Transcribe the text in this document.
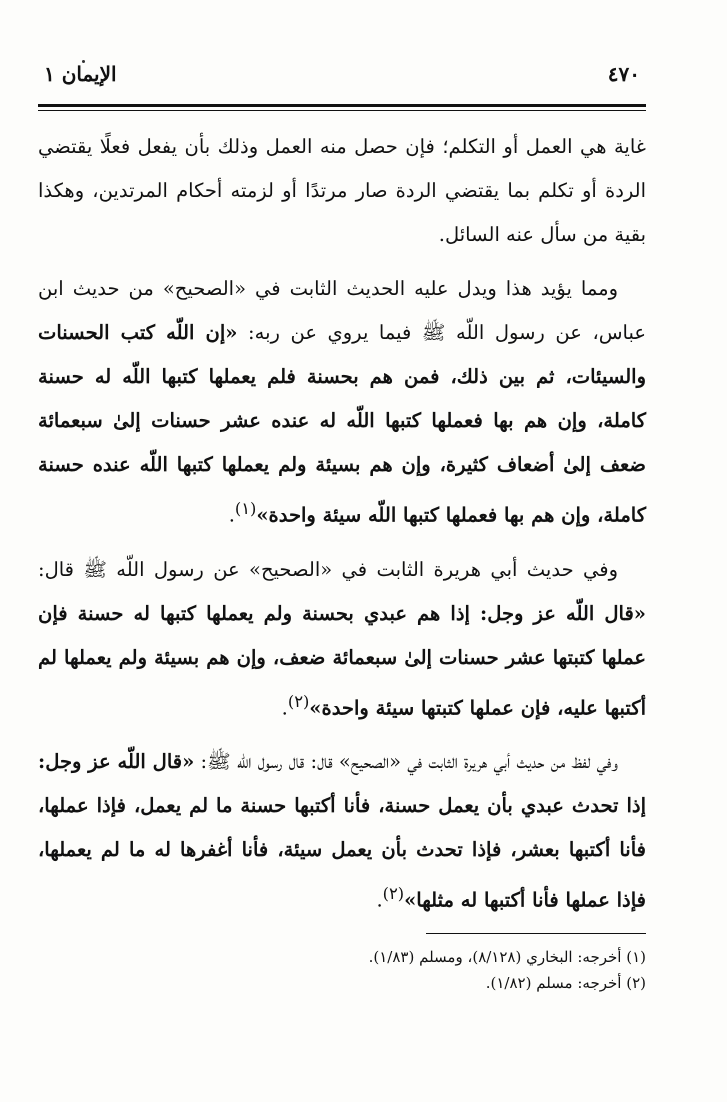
٤٧٠
الإيمان ١

غاية هي العمل أو التكلم؛ فإن حصل منه العمل وذلك بأن يفعل فعلًا يقتضي الردة أو تكلم بما يقتضي الردة صار مرتدًا أو لزمته أحكام المرتدين، وهكذا بقية من سأل عنه السائل.

ومما يؤيد هذا ويدل عليه الحديث الثابت في «الصحيح» من حديث ابن عباس، عن رسول اللّه ﷺ فيما يروي عن ربه: «إن اللّه كتب الحسنات والسيئات، ثم بين ذلك، فمن هم بحسنة فلم يعملها كتبها اللّه له حسنة كاملة، وإن هم بها فعملها كتبها اللّه له عنده عشر حسنات إلىٰ سبعمائة ضعف إلىٰ أضعاف كثيرة، وإن هم بسيئة ولم يعملها كتبها اللّه عنده حسنة كاملة، وإن هم بها فعملها كتبها اللّه سيئة واحدة»$^{(١)}$.

وفي حديث أبي هريرة الثابت في «الصحيح» عن رسول اللّه ﷺ قال: «قال اللّه عز وجل: إذا هم عبدي بحسنة ولم يعملها كتبها له حسنة فإن عملها كتبتها عشر حسنات إلىٰ سبعمائة ضعف، وإن هم بسيئة ولم يعملها لم أكتبها عليه، فإن عملها كتبتها سيئة واحدة»$^{(٢)}$.

وفي لفظ من حديث أبي هريرة الثابت في «الصحيح» قال: قال رسول اللّه ﷺ: «قال اللّه عز وجل: إذا تحدث عبدي بأن يعمل حسنة، فأنا أكتبها حسنة ما لم يعمل، فإذا عملها، فأنا أكتبها بعشر، فإذا تحدث بأن يعمل سيئة، فأنا أغفرها له ما لم يعملها، فإذا عملها فأنا أكتبها له مثلها»$^{(٢)}$.

(١) أخرجه: البخاري (٨/١٢٨)، ومسلم (١/٨٣).

(٢) أخرجه: مسلم (١/٨٢).
